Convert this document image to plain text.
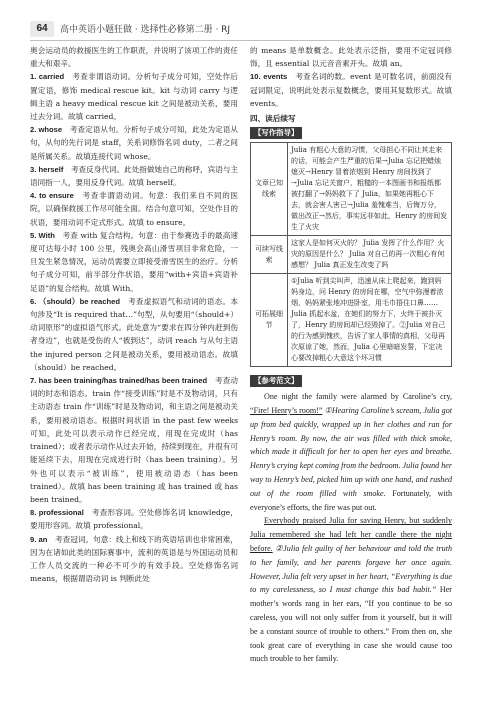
64	高中英语小题狂做 · 选择性必修第二册 · RJ

奥会运动员的救援医生的工作职责，并说明了该项工作的责任重大和艰辛。

1. carried　考查非谓语动词。分析句子成分可知，空处作后置定语，修饰 medical rescue kit。kit 与动词 carry 与逻辑主语 a heavy medical rescue kit 之间是被动关系，要用过去分词。故填 carried。

2. whose　考查定语从句。分析句子成分可知，此处为定语从句，从句的先行词是 staff，关系词修饰名词 duty，二者之间是所属关系。故填连接代词 whose。

3. herself　考查反身代词。此处指做她自己的称呼，宾语与主语同指一人，要用反身代词。故填 herself。

4. to ensure　考查非谓语动词。句意：我们来自不同的医院，以确保救援工作尽可能全面。结合句意可知，空处作目的状语，要用动词不定式形式。故填 to ensure。

5. With　考查 with 复合结构。句意：由于参赛选手的最高速度可达每小时 100 公里，残奥会高山滑雪项目非常危险，一旦发生紧急情况，运动员需要立即接受滑雪医生的治疗。分析句子成分可知，前半部分作状语，要用“with+宾语+宾语补足语”的复合结构。故填 With。

6. （should）be reached　考查虚拟语气和动词的语态。本句涉及“It is required that…”句型，从句要用“（should+）动词原形”的虚拟语气形式。此处意为“要求在四分钟内赶到伤者身边”，也就是受伤的人“被到达”，动词 reach 与从句主语 the injured person 之间是被动关系，要用被动语态。故填（should）be reached。

7. has been training/has trained/has been trained　考查动词的时态和语态。train 作“接受训练”时是不及物动词，只有主动语态 train 作“训练”时是及物动词，和主语之间是被动关系，要用被动语态。根据时间状语 in the past few weeks 可知，此处可以表示动作已经完成，用现在完成时（has trained）；或者表示动作从过去开始，持续到现在，并很有可能延续下去，用现在完成进行时（has been training）。另外也可以表示“被训练”，使用被动语态（has been trained）。故填 has been training 或 has trained 或 has been trained。

8. professional　考查形容词。空处修饰名词 knowledge，要用形容词。故填 professional。

9. an　考查冠词。句意：线上和线下的英语培训也非常困难，因为在诸如此类的国际赛事中，流利的英语是与外国运动员和工作人员交流的一种必不可少的有效手段。空处修饰名词 means，根据谓语动词 is 判断此处

的 means 是单数概念。此处表示泛指，要用不定冠词修饰，且 essential 以元音音素开头。故填 an。

10. events　 考查名词的数。event 是可数名词，前面没有冠词限定，说明此处表示复数概念，要用其复数形式。故填 events。

四、读后续写
【写作指导】
文章已知线索	Julia 有粗心大意的习惯，父母担心不同让其走来的话，可能会产生严重的后果→Julia 忘记把蜡烛熄灭→Henry 冒着浓烟到 Henry 房间找到了 →Julia 忘记关窗户，粗糙的一本图画书和报纸都被打翻了→妈妈救下了 Julia，如果她再粗心下去，就会害人害己→Julia 羞愧难当，后悔万分，做出改正→然后，事实远非如此，Henry 的房间发生了火灾
可续写线索	这家人是如何灭火的？ Julia 发挥了什么作用？火灾的原因是什么？ Julia 对自己的再一次粗心有何感想？ Julia 真正发生改变了吗
可拓展细节	①Julia 听到尖叫声，迅速从床上爬起来，跑到妈妈身边，问 Henry 的房间在哪，空气中弥漫着浓烟，妈妈紧张地冲进卧室，用毛巾捂住口鼻……Julia 抓起水盆，在她们的努力下，火终于被扑灭了，Henry 的房间却已经毁掉了。②Julia 对自己的行为感到愧疚，告诉了家人事情的真相，父母再次原谅了她，然而，Julia 心里暗暗发誓，下定决心要改掉粗心大意这个坏习惯
【参考范文】

One night the family were alarmed by Caroline’s cry, “Fire! Henry’s room!” ①Hearing Caroline’s scream, Julia got up from bed quickly, wrapped up in her clothes and ran for Henry’s room. By now, the air was filled with thick smoke, which made it difficult for her to open her eyes and breathe. Henry’s crying kept coming from the bedroom. Julia found her way to Henry’s bed, picked him up with one hand, and rushed out of the room filled with smoke. Fortunately, with everyone’s efforts, the fire was put out.

Everybody praised Julia for saving Henry, but suddenly Julia remembered she had left her candle there the night before. ②Julia felt guilty of her behaviour and told the truth to her family, and her parents forgave her once again. However, Julia felt very upset in her heart, “Everything is due to my carelessness, so I must change this bad habit.” Her mother’s words rang in her ears, “If you continue to be so careless, you will not only suffer from it yourself, but it will be a constant source of trouble to others.” From then on, she took great care of everything in case she would cause too much trouble to her family.
